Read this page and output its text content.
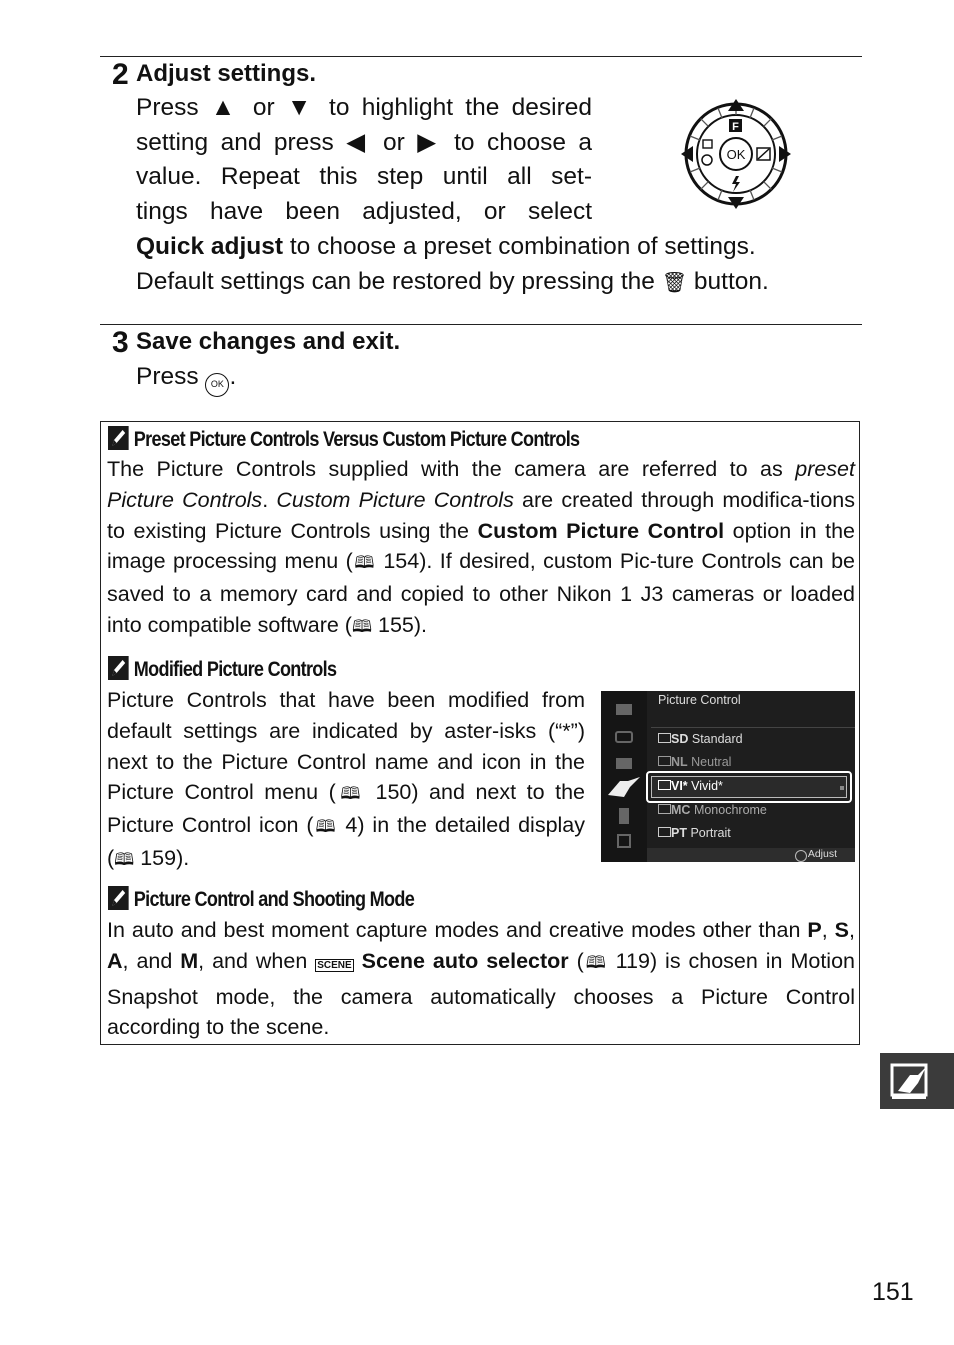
2 Adjust settings.
Press ▲ or ▼ to highlight the desired
setting and press ◀ or ▶ to choose a
value. Repeat this step until all set-
tings have been adjusted, or select
Quick adjust to choose a preset combination of settings.
Default settings can be restored by pressing the 🗑 button.
OK
F
3 Save changes and exit.
Press OK .
Preset Picture Controls Versus Custom Picture Controls
The Picture Controls supplied with the camera are referred to as preset Picture Controls. Custom Picture Controls are created through modifica-tions to existing Picture Controls using the Custom Picture Control option in the image processing menu (🕮 154). If desired, custom Pic-ture Controls can be saved to a memory card and copied to other Nikon 1 J3 cameras or loaded into compatible software (🕮 155).
Modified Picture Controls
Picture Controls that have been modified from default settings are indicated by aster-isks (“*”) next to the Picture Control name and icon in the Picture Control menu (🕮 150) and next to the Picture Control icon (🕮 4) in the detailed display (🕮 159).
Picture Control
SD Standard
NL Neutral
VI* Vivid*
MC Monochrome
PT Portrait
Adjust
Picture Control and Shooting Mode
In auto and best moment capture modes and creative modes other than P, S, A, and M, and when SCENE Scene auto selector (🕮 119) is chosen in Motion Snapshot mode, the camera automatically chooses a Picture Control according to the scene.
151
